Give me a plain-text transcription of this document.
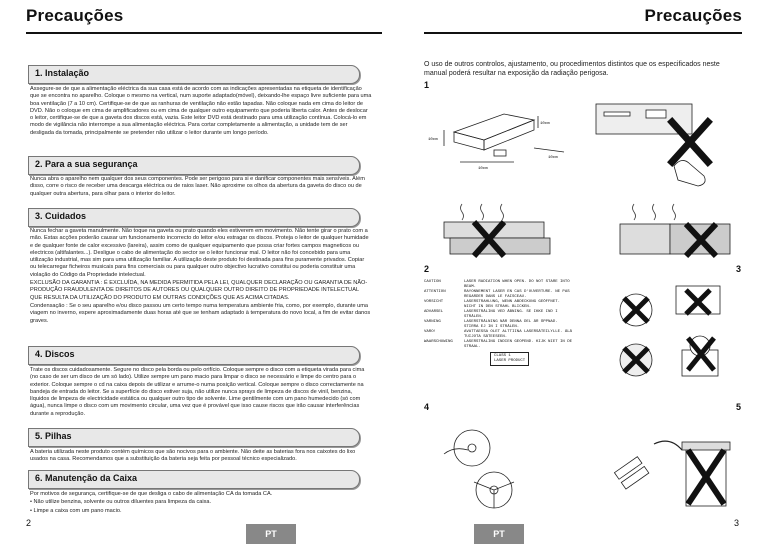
Precauções
1. Instalação

Assegure-se de que a alimentação eléctrica da sua casa está de acordo com as indicações apresentadas na etiqueta de identificação que se encontra no aparelho. Coloque o mesmo na vertical, num suporte adaptado(móvel), deixando-lhe espaço livre suficiente para uma boa ventilação (7 a 10 cm). Certifique-se de que as ranhuras de ventilação não estão tapadas. Não coloque nada em cima do leitor de DVD. Não o coloque em cima de amplificadores ou em cima de qualquer outro equipamento que poderia liberta calor. Antes de deslocar o leitor, certifique-se de que a gaveta dos discos está, vazia. Este leitor DVD está destinado para uma utilização contínua. Colocá-lo em modo de vigilância não interrompe a sua alimentação eléctrica. Para cortar completamente a alimentação, a unidade tem de ser desligada da tomada, principalmente se pretender não utilizar o leitor durante um longo período.

2. Para a sua segurança

Nunca abra o aparelho nem qualquer dos seus componentes. Pode ser perigoso para si e danificar componentes mais sensíveis. Além disso, corre o risco de receber uma descarga eléctrica ou de raios laser. Não aproxime os olhos da abertura da gaveta do disco ou de qualquer outra abertura, para olhar para o interior do leitor.

3. Cuidados

Nunca fechar a gaveta manulmente. Não toque na gaveta ou prato quando eles estiverem em movimento. Não tente girar o prato com a mão. Estas acções poderão causar um funcionamento incorrecto do leitor e/ou estragar os discos. Proteja o leitor de qualquer humidade e de qualquer fonte de calor excessivo (lareira), assim como de qualquer equipamento que possa criar fortes campos magneticos ou electricos (altifalantes...). Desligue o cabo de alimentação do sector se o leitor funcionar mal. O leitor não foi concebido para uma utilização industrial, mas sim para uma utilização familiar. A utilização deste produto foi destinada para fins puramente privados. Copiar ou telecarregar ficheiros musicais para fins comerciais ou para qualquer outro objectivo lucrativo constitui ou poderia constituir uma violação do Código da Propriedade intelectual.

EXCLUSÃO DA GARANTIA : É EXCLUÍDA, NA MEDIDA PERMITIDA PELA LEI, QUALQUER DECLARAÇÃO OU GARANTIA DE NÃO-PRODUÇÃO FRAUDULENTA DE DIREITOS DE AUTORES OU QUALQUER OUTRO DIREITO DE PROPRIEDADE INTELECTUAL QUE RESULTA DA UTILIZAÇÃO DO PRODUTO EM OUTRAS CONDIÇÕES QUE AS ACIMA CITADAS.

Condensação : Se o seu aparelho e/ou disco passou um certo tempo numa temperatura ambiente fria, como, por exemplo, durante uma viagem no inverno, espere aproximadamente duas horas até que se tenham adaptado à temperatura do novo local, a fim de evitar danos graves.

4. Discos

Trate os discos cuidadosamente. Segure no disco pela borda ou pelo orifício. Coloque sempre o disco com a etiqueta virada para cima (no caso de ser um disco de um só lado). Utilize sempre um pano macio para limpar o disco se necessário e limpe do centro para o exterior. Coloque sempre o cd na caixa depois de utilizar e arrume-o numa posição vertical. Coloque sempre o disco correctamente na bandeja de entrada do leitor. Se a superfície do disco estiver suja, não utilize nunca sprays de limpeza de discos de vinil, benzina, líquidos de limpeza de electricidade estática ou qualquer outro tipo de solvente. Lime gentilmente com um pano humedecido (só com água), nunca limpe o disco com um movimento circular, uma vez que é provável que isso cause riscos que irão causar interferências durante a reprodução.

5. Pilhas

A bateria utilizada neste produto contém químicos que são nocivos para o ambiente. Não deite as baterias fora nos caixotes do lixo usados na casa. Recomendamos que a substituição da bateria seja feita por pessoal técnico especializado.

6. Manutenção da Caixa

Por motivos de segurança, certifique-se de que desliga o cabo de alimentação CA da tomada CA.

• Não utilize benzina, solvente ou outros diluentes para limpeza da caixa.

• Limpe a caixa com um pano macio.

2
PT
Precauções
O uso de outros controlos, ajustamento, ou procedimentos distintos que os especificados neste manual poderá resultar na exposição da radiação perigosa.
1
10cm
10cm
10cm
10cm
2	3
CAUTION	LASER RADIATION WHEN OPEN. DO NOT STARE INTO BEAM.
ATTENTION	RAYONNEMENT LASER EN CAS D'OUVERTURE. NE PAS REGARDER DANS LE FAISCEAU.
VORSICHT	LASERSTRAHLUNG, WENN ABDECKUNG GEÖFFNET. NICHT IN DEN STRAHL BLICKEN.
ADVARSEL	LASERSTRÅLING VED ÅBNING. SE IKKE IND I STRÅLEN.
VARNING	LASERSTRÅLNING NÄR DENNA DEL ÄR ÖPPNAD. STIRRA EJ IN I STRÅLEN.
VARO!	AVATTAESSA OLET ALTTIINA LASERSÄTEILYLLE. ÄLÄ TUIJOTA SÄTEESEEN.
WAARSCHUWING	LASERSTRALING INDIEN GEOPEND. KIJK NIET IN DE STRAAL.
CLASS 1
LASER PRODUCT
4	5
3
PT
